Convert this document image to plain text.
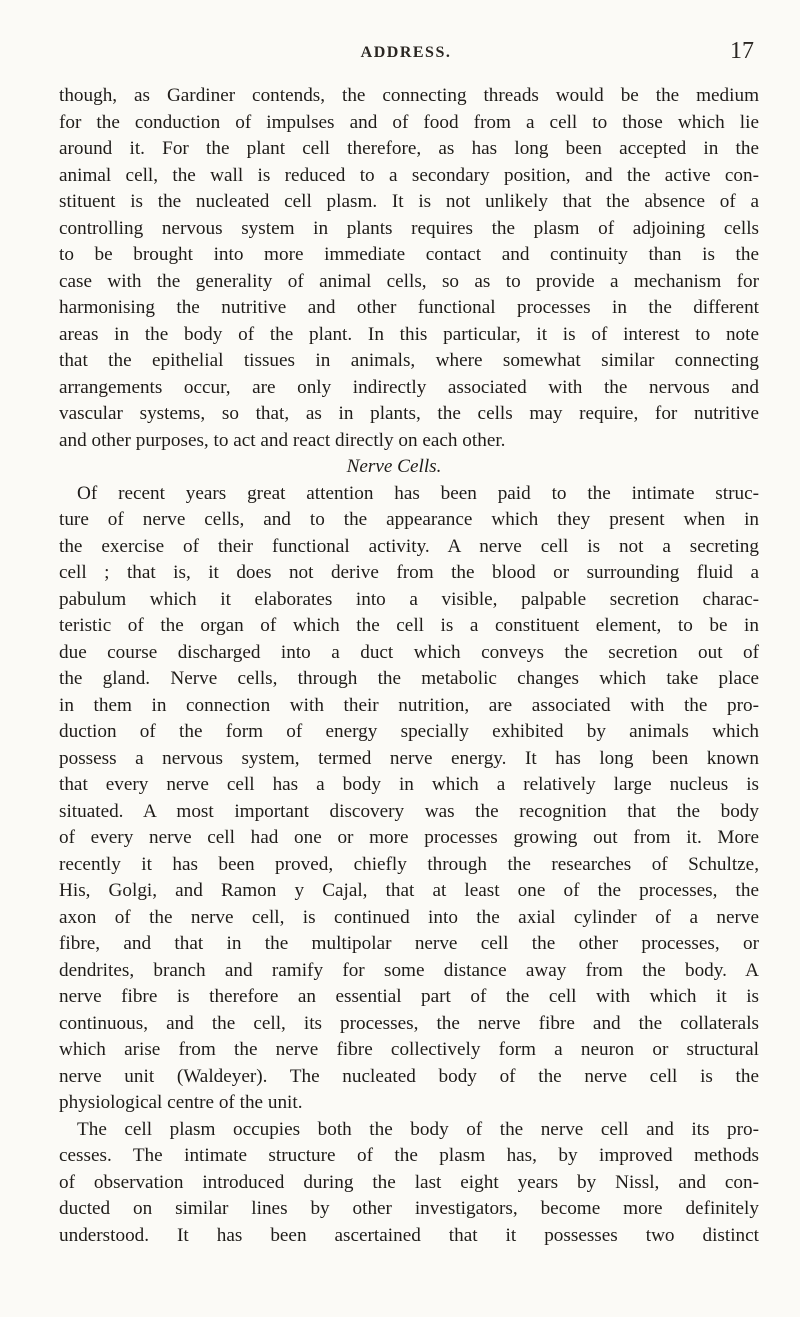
ADDRESS.	17
though, as Gardiner contends, the connecting threads would be the medium
for the conduction of impulses and of food from a cell to those which lie
around it. For the plant cell therefore, as has long been accepted in the
animal cell, the wall is reduced to a secondary position, and the active con-
stituent is the nucleated cell plasm. It is not unlikely that the absence of a
controlling nervous system in plants requires the plasm of adjoining cells
to be brought into more immediate contact and continuity than is the
case with the generality of animal cells, so as to provide a mechanism for
harmonising the nutritive and other functional processes in the different
areas in the body of the plant. In this particular, it is of interest to note
that the epithelial tissues in animals, where somewhat similar connecting
arrangements occur, are only indirectly associated with the nervous and
vascular systems, so that, as in plants, the cells may require, for nutritive
and other purposes, to act and react directly on each other.
Nerve Cells.
Of recent years great attention has been paid to the intimate struc-
ture of nerve cells, and to the appearance which they present when in
the exercise of their functional activity. A nerve cell is not a secreting
cell ; that is, it does not derive from the blood or surrounding fluid a
pabulum which it elaborates into a visible, palpable secretion charac-
teristic of the organ of which the cell is a constituent element, to be in
due course discharged into a duct which conveys the secretion out of
the gland. Nerve cells, through the metabolic changes which take place
in them in connection with their nutrition, are associated with the pro-
duction of the form of energy specially exhibited by animals which
possess a nervous system, termed nerve energy. It has long been known
that every nerve cell has a body in which a relatively large nucleus is
situated. A most important discovery was the recognition that the body
of every nerve cell had one or more processes growing out from it. More
recently it has been proved, chiefly through the researches of Schultze,
His, Golgi, and Ramon y Cajal, that at least one of the processes, the
axon of the nerve cell, is continued into the axial cylinder of a nerve
fibre, and that in the multipolar nerve cell the other processes, or
dendrites, branch and ramify for some distance away from the body. A
nerve fibre is therefore an essential part of the cell with which it is
continuous, and the cell, its processes, the nerve fibre and the collaterals
which arise from the nerve fibre collectively form a neuron or structural
nerve unit (Waldeyer). The nucleated body of the nerve cell is the
physiological centre of the unit.
The cell plasm occupies both the body of the nerve cell and its pro-
cesses. The intimate structure of the plasm has, by improved methods
of observation introduced during the last eight years by Nissl, and con-
ducted on similar lines by other investigators, become more definitely
understood. It has been ascertained that it possesses two distinct
